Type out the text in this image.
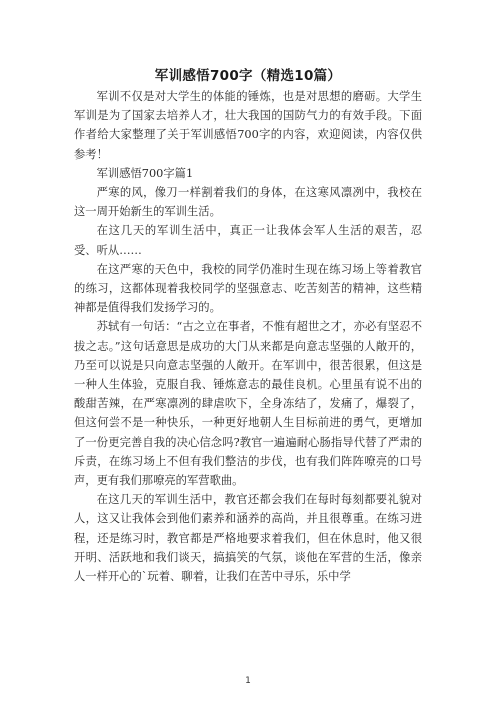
军训感悟700字（精选10篇）

军训不仅是对大学生的体能的锤炼，也是对思想的磨砺。大学生军训是为了国家去培养人才，壮大我国的国防气力的有效手段。下面作者给大家整理了关于军训感悟700字的内容，欢迎阅读，内容仅供参考！

军训感悟700字篇1

严寒的风，像刀一样割着我们的身体，在这寒风凛冽中，我校在这一周开始新生的军训生活。

在这几天的军训生活中，真正一让我体会军人生活的艰苦，忍受、听从……

在这严寒的天色中，我校的同学仍准时生现在练习场上等着教官的练习，这都体现着我校同学的坚强意志、吃苦刻苦的精神，这些精神都是值得我们发扬学习的。

苏轼有一句话：“古之立在事者，不惟有超世之才，亦必有坚忍不拔之志。”这句话意思是成功的大门从来都是向意志坚强的人敞开的，乃至可以说是只向意志坚强的人敞开。在军训中，很苦很累，但这是一种人生体验，克服自我、锤炼意志的最佳良机。心里虽有说不出的酸甜苦辣，在严寒凛冽的肆虐吹下，全身冻结了，发痛了，爆裂了，但这何尝不是一种快乐，一种更好地朝人生目标前进的勇气，更增加了一份更完善自我的决心信念吗?教官一遍遍耐心肠指导代替了严肃的斥责，在练习场上不但有我们整洁的步伐，也有我们阵阵嘹亮的口号声，更有我们那嘹亮的军营歌曲。

在这几天的军训生活中，教官还都会我们在每时每刻都要礼貌对人，这又让我体会到他们素养和涵养的高尚，并且很尊重。在练习进程，还是练习时，教官都是严格地要求着我们，但在休息时，他又很开明、活跃地和我们谈天，搞搞笑的气氛，谈他在军营的生活，像亲人一样开心的`玩着、聊着，让我们在苦中寻乐，乐中学

1
